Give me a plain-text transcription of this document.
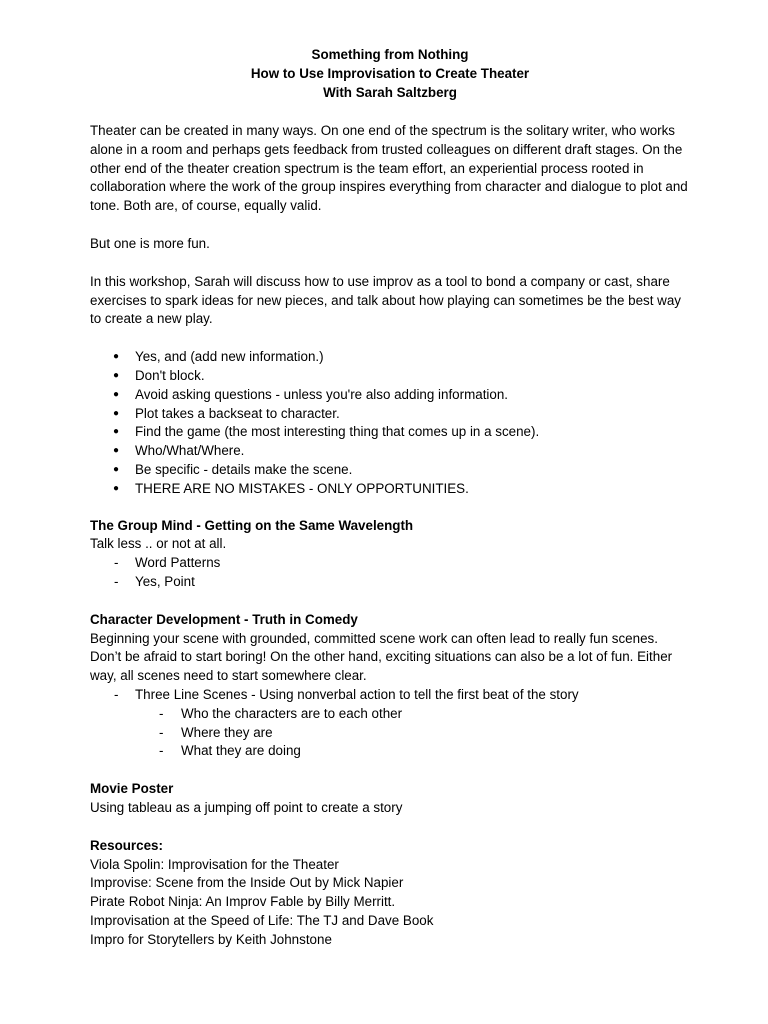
Something from Nothing
How to Use Improvisation to Create Theater
With Sarah Saltzberg

Theater can be created in many ways. On one end of the spectrum is the solitary writer, who works alone in a room and perhaps gets feedback from trusted colleagues on different draft stages. On the other end of the theater creation spectrum is the team effort, an experiential process rooted in collaboration where the work of the group inspires everything from character and dialogue to plot and tone. Both are, of course, equally valid.

But one is more fun.

In this workshop, Sarah will discuss how to use improv as a tool to bond a company or cast, share exercises to spark ideas for new pieces, and talk about how playing can sometimes be the best way to create a new play.

● Yes, and (add new information.)
● Don't block.
● Avoid asking questions - unless you're also adding information.
● Plot takes a backseat to character.
● Find the game (the most interesting thing that comes up in a scene).
● Who/What/Where.
● Be specific - details make the scene.
● THERE ARE NO MISTAKES - ONLY OPPORTUNITIES.
The Group Mind - Getting on the Same Wavelength
Talk less .. or not at all.
- Word Patterns
- Yes, Point
Character Development - Truth in Comedy
Beginning your scene with grounded, committed scene work can often lead to really fun scenes. Don’t be afraid to start boring! On the other hand, exciting situations can also be a lot of fun. Either way, all scenes need to start somewhere clear.
- Three Line Scenes - Using nonverbal action to tell the first beat of the story
- Who the characters are to each other
- Where they are
- What they are doing
Movie Poster
Using tableau as a jumping off point to create a story
Resources:
Viola Spolin: Improvisation for the Theater
Improvise: Scene from the Inside Out by Mick Napier
Pirate Robot Ninja: An Improv Fable by Billy Merritt.
Improvisation at the Speed of Life: The TJ and Dave Book
Impro for Storytellers by Keith Johnstone
